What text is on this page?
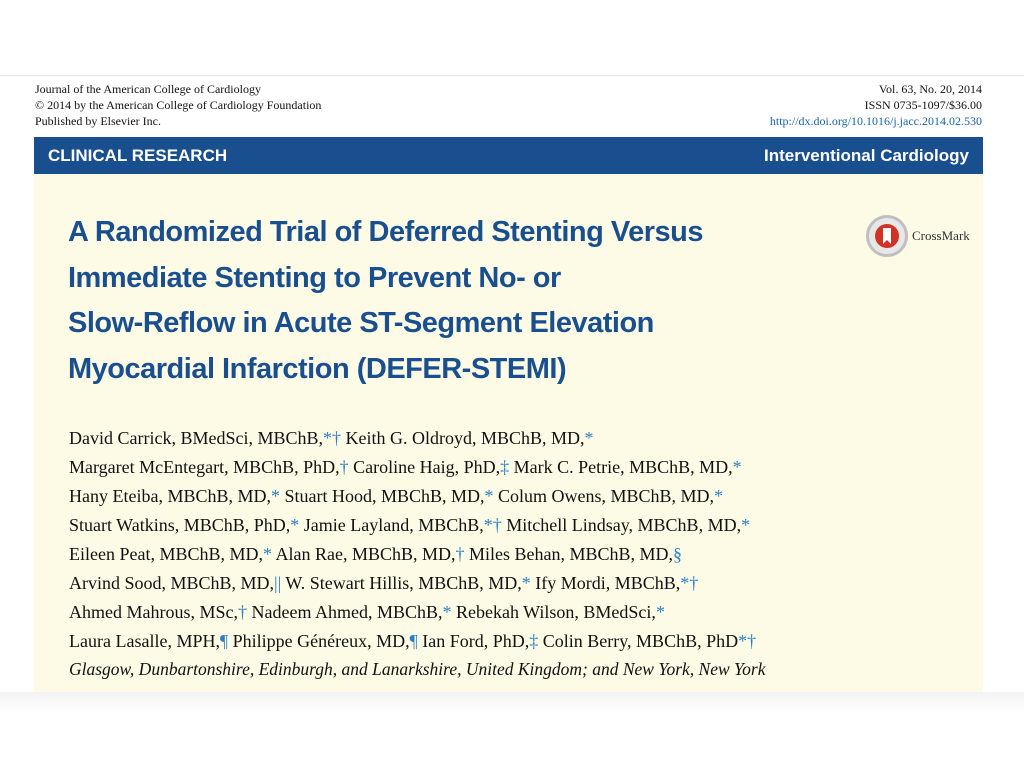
Journal of the American College of Cardiology
© 2014 by the American College of Cardiology Foundation
Published by Elsevier Inc.
Vol. 63, No. 20, 2014
ISSN 0735-1097/$36.00
http://dx.doi.org/10.1016/j.jacc.2014.02.530
CLINICAL RESEARCH	Interventional Cardiology
A Randomized Trial of Deferred Stenting Versus
Immediate Stenting to Prevent No- or
Slow-Reflow in Acute ST-Segment Elevation
Myocardial Infarction (DEFER-STEMI)
CrossMark
David Carrick, BMedSci, MBChB,*† Keith G. Oldroyd, MBChB, MD,*
Margaret McEntegart, MBChB, PhD,† Caroline Haig, PhD,‡ Mark C. Petrie, MBChB, MD,*
Hany Eteiba, MBChB, MD,* Stuart Hood, MBChB, MD,* Colum Owens, MBChB, MD,*
Stuart Watkins, MBChB, PhD,* Jamie Layland, MBChB,*† Mitchell Lindsay, MBChB, MD,*
Eileen Peat, MBChB, MD,* Alan Rae, MBChB, MD,† Miles Behan, MBChB, MD,§
Arvind Sood, MBChB, MD,|| W. Stewart Hillis, MBChB, MD,* Ify Mordi, MBChB,*†
Ahmed Mahrous, MSc,† Nadeem Ahmed, MBChB,* Rebekah Wilson, BMedSci,*
Laura Lasalle, MPH,¶ Philippe Généreux, MD,¶ Ian Ford, PhD,‡ Colin Berry, MBChB, PhD*†
Glasgow, Dunbartonshire, Edinburgh, and Lanarkshire, United Kingdom; and New York, New York
